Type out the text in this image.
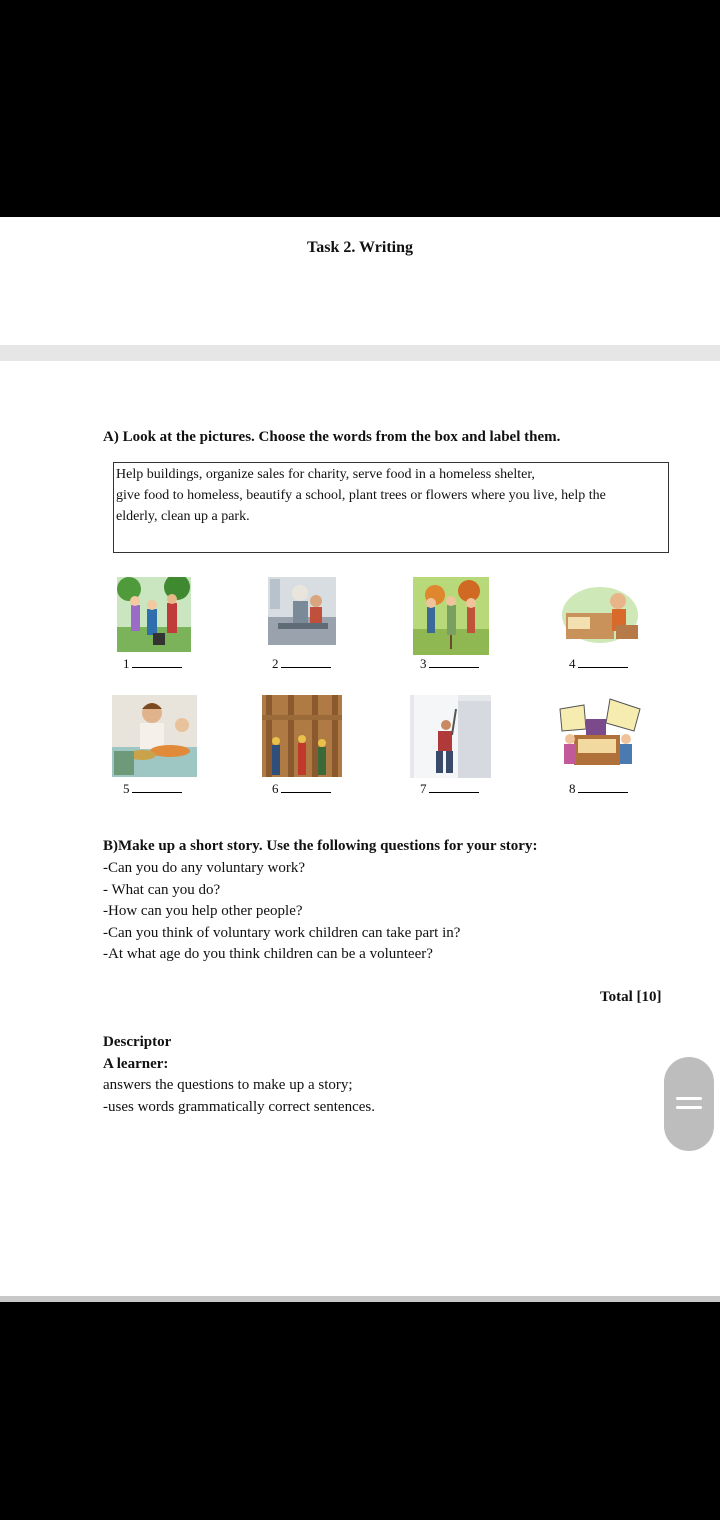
Task 2. Writing
A) Look at the pictures. Choose the words from the box and label them.
Help buildings, organize sales for charity, serve food in a homeless shelter,
give food to homeless, beautify a school, plant trees or flowers where you live, help the
elderly, clean up a park.
1	2	3	4
5	6	7	8
B)Make up a short story. Use the following questions for your story:
-Can you do any voluntary work?
- What can you do?
-How can you help other people?
-Can you think of voluntary work children can take part in?
-At what age do you think children can be a volunteer?
Total [10]
Descriptor
A learner:
answers the questions to make up a story;
-uses words grammatically correct sentences.
